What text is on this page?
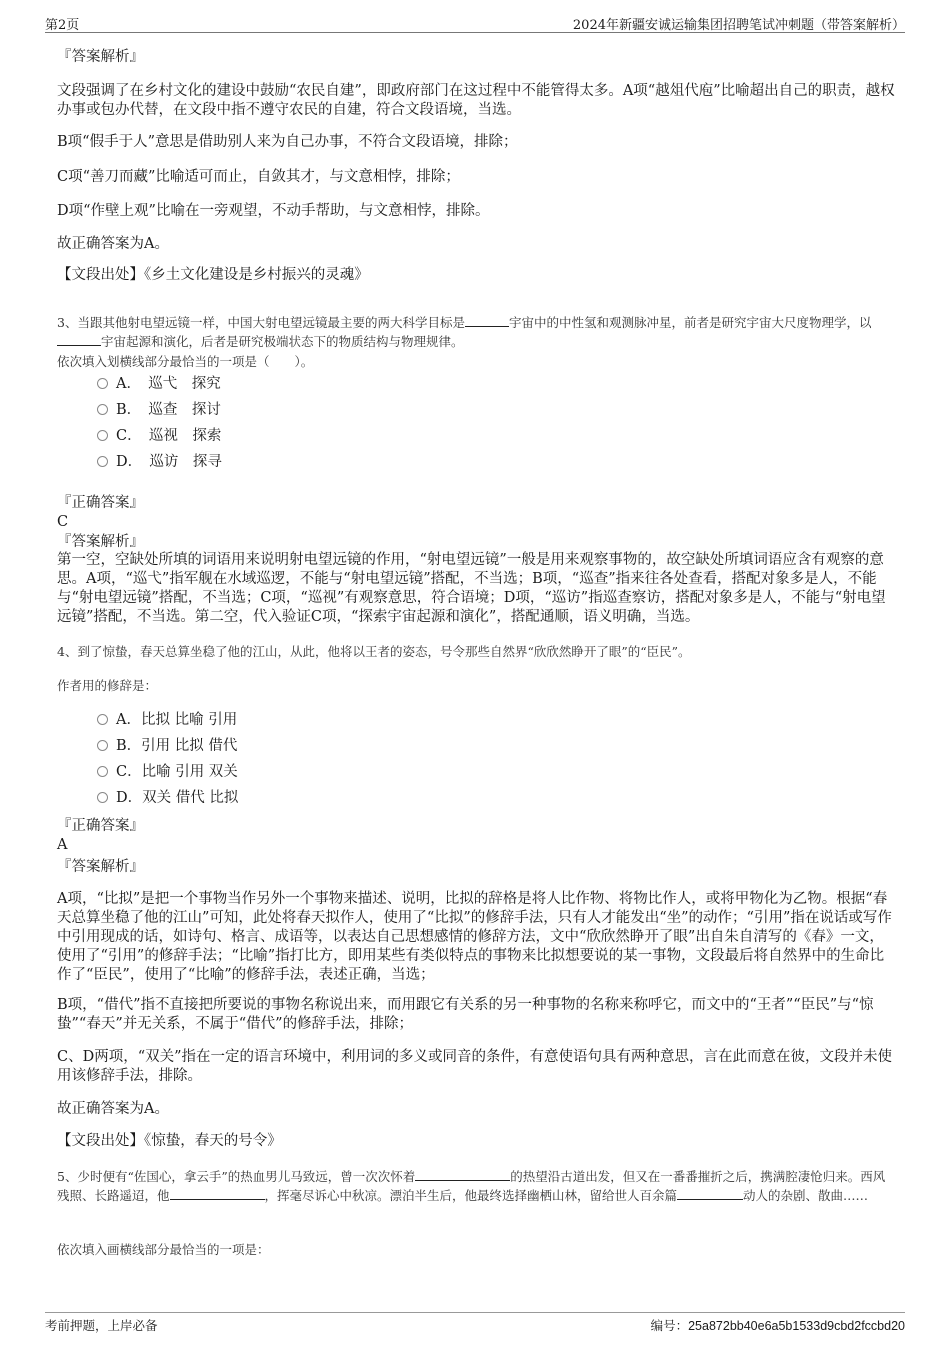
第2页	2024年新疆安诚运输集团招聘笔试冲刺题（带答案解析）

『答案解析』

文段强调了在乡村文化的建设中鼓励“农民自建”，即政府部门在这过程中不能管得太多。A项“越俎代庖”比喻超出自己的职责，越权办事或包办代替，在文段中指不遵守农民的自建，符合文段语境，当选。

B项“假手于人”意思是借助别人来为自己办事，不符合文段语境，排除；

C项“善刀而藏”比喻适可而止，自敛其才，与文意相悖，排除；

D项“作壁上观”比喻在一旁观望，不动手帮助，与文意相悖，排除。

故正确答案为A。

【文段出处】《乡土文化建设是乡村振兴的灵魂》

3、当跟其他射电望远镜一样，中国大射电望远镜最主要的两大科学目标是	宇宙中的中性氢和观测脉冲星，前者是研究宇宙大尺度物理学，以宇宙起源和演化，后者是研究极端状态下的物质结构与物理规律。

依次填入划横线部分最恰当的一项是（　　）。

A．　巡弋　探究
B．　巡查　探讨
C．　巡视　探索
D．　巡访　探寻

『正确答案』

C

『答案解析』

第一空，空缺处所填的词语用来说明射电望远镜的作用，“射电望远镜”一般是用来观察事物的，故空缺处所填词语应含有观察的意思。A项，“巡弋”指军舰在水域巡逻，不能与“射电望远镜”搭配，不当选；B项，“巡查”指来往各处查看，搭配对象多是人，不能与“射电望远镜”搭配，不当选；C项，“巡视”有观察意思，符合语境；D项，“巡访”指巡查察访，搭配对象多是人，不能与“射电望远镜”搭配，不当选。第二空，代入验证C项，“探索宇宙起源和演化”，搭配通顺，语义明确，当选。

4、到了惊蛰，春天总算坐稳了他的江山，从此，他将以王者的姿态，号令那些自然界“欣欣然睁开了眼”的“臣民”。

作者用的修辞是：

A．比拟 比喻 引用
B．引用 比拟 借代
C．比喻 引用 双关
D．双关 借代 比拟

『正确答案』

A

『答案解析』

A项，“比拟”是把一个事物当作另外一个事物来描述、说明，比拟的辞格是将人比作物、将物比作人，或将甲物化为乙物。根据“春天总算坐稳了他的江山”可知，此处将春天拟作人，使用了“比拟”的修辞手法，只有人才能发出“坐”的动作；“引用”指在说话或写作中引用现成的话，如诗句、格言、成语等，以表达自己思想感情的修辞方法，文中“欣欣然睁开了眼”出自朱自清写的《春》一文，使用了“引用”的修辞手法；“比喻”指打比方，即用某些有类似特点的事物来比拟想要说的某一事物，文段最后将自然界中的生命比作了“臣民”，使用了“比喻”的修辞手法，表述正确，当选；

B项，“借代”指不直接把所要说的事物名称说出来，而用跟它有关系的另一种事物的名称来称呼它，而文中的“王者”“臣民”与“惊蛰”“春天”并无关系，不属于“借代”的修辞手法，排除；

C、D两项，“双关”指在一定的语言环境中，利用词的多义或同音的条件，有意使语句具有两种意思，言在此而意在彼，文段并未使用该修辞手法，排除。

故正确答案为A。

【文段出处】《惊蛰，春天的号令》

5、少时便有“佐国心，拿云手”的热血男儿马致远，曾一次次怀着	的热望沿古道出发，但又在一番番摧折之后，携满腔凄怆归来。西风残照、长路遥迢，他	，挥毫尽诉心中秋凉。漂泊半生后，他最终选择幽栖山林，留给世人百余篇	动人的杂剧、散曲……

依次填入画横线部分最恰当的一项是：

考前押题，上岸必备	编号：25a872bb40e6a5b1533d9cbd2fccbd20
